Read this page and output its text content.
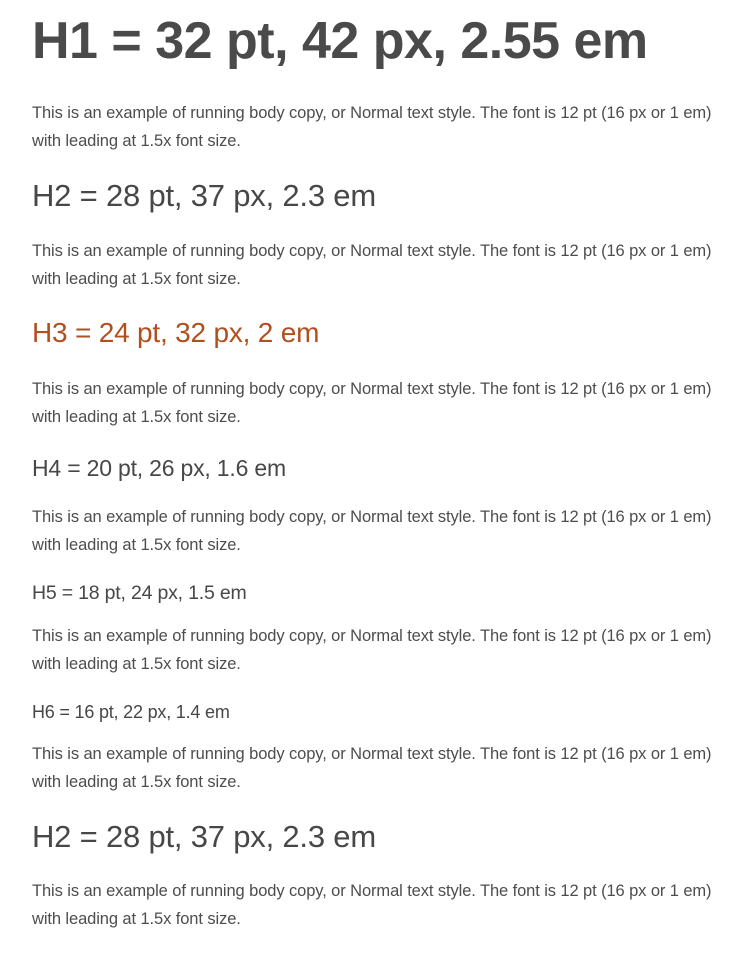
H1 = 32 pt, 42 px, 2.55 em

This is an example of running body copy, or Normal text style. The font is 12 pt (16 px or 1 em) with leading at 1.5x font size.

H2 = 28 pt, 37 px, 2.3 em

This is an example of running body copy, or Normal text style. The font is 12 pt (16 px or 1 em) with leading at 1.5x font size.

H3 = 24 pt, 32 px, 2 em

This is an example of running body copy, or Normal text style. The font is 12 pt (16 px or 1 em) with leading at 1.5x font size.

H4 = 20 pt, 26 px, 1.6 em

This is an example of running body copy, or Normal text style. The font is 12 pt (16 px or 1 em) with leading at 1.5x font size.

H5 = 18 pt, 24 px, 1.5 em

This is an example of running body copy, or Normal text style. The font is 12 pt (16 px or 1 em) with leading at 1.5x font size.

H6 = 16 pt, 22 px, 1.4 em

This is an example of running body copy, or Normal text style. The font is 12 pt (16 px or 1 em) with leading at 1.5x font size.

H2 = 28 pt, 37 px, 2.3 em

This is an example of running body copy, or Normal text style. The font is 12 pt (16 px or 1 em) with leading at 1.5x font size.
